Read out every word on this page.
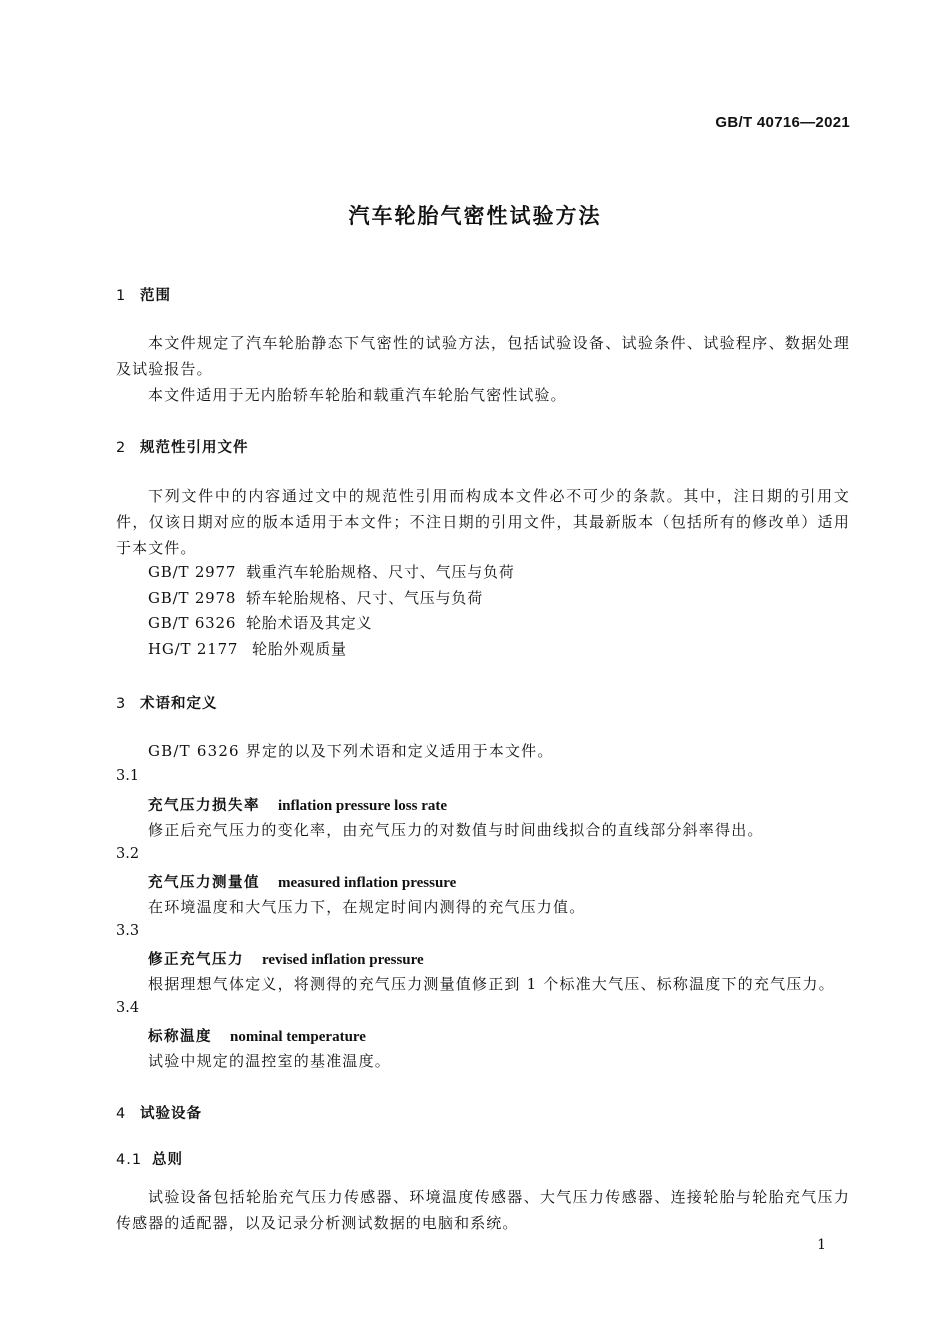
GB/T 40716—2021
汽车轮胎气密性试验方法
1 范围
本文件规定了汽车轮胎静态下气密性的试验方法，包括试验设备、试验条件、试验程序、数据处理及试验报告。
本文件适用于无内胎轿车轮胎和载重汽车轮胎气密性试验。
2 规范性引用文件
下列文件中的内容通过文中的规范性引用而构成本文件必不可少的条款。其中，注日期的引用文件，仅该日期对应的版本适用于本文件；不注日期的引用文件，其最新版本（包括所有的修改单）适用于本文件。
GB/T 2977 载重汽车轮胎规格、尺寸、气压与负荷
GB/T 2978 轿车轮胎规格、尺寸、气压与负荷
GB/T 6326 轮胎术语及其定义
HG/T 2177 轮胎外观质量
3 术语和定义
GB/T 6326 界定的以及下列术语和定义适用于本文件。
3.1
充气压力损失率 inflation pressure loss rate
修正后充气压力的变化率，由充气压力的对数值与时间曲线拟合的直线部分斜率得出。
3.2
充气压力测量值 measured inflation pressure
在环境温度和大气压力下，在规定时间内测得的充气压力值。
3.3
修正充气压力 revised inflation pressure
根据理想气体定义，将测得的充气压力测量值修正到 1 个标准大气压、标称温度下的充气压力。
3.4
标称温度 nominal temperature
试验中规定的温控室的基准温度。
4 试验设备
4.1 总则
试验设备包括轮胎充气压力传感器、环境温度传感器、大气压力传感器、连接轮胎与轮胎充气压力传感器的适配器，以及记录分析测试数据的电脑和系统。
1
